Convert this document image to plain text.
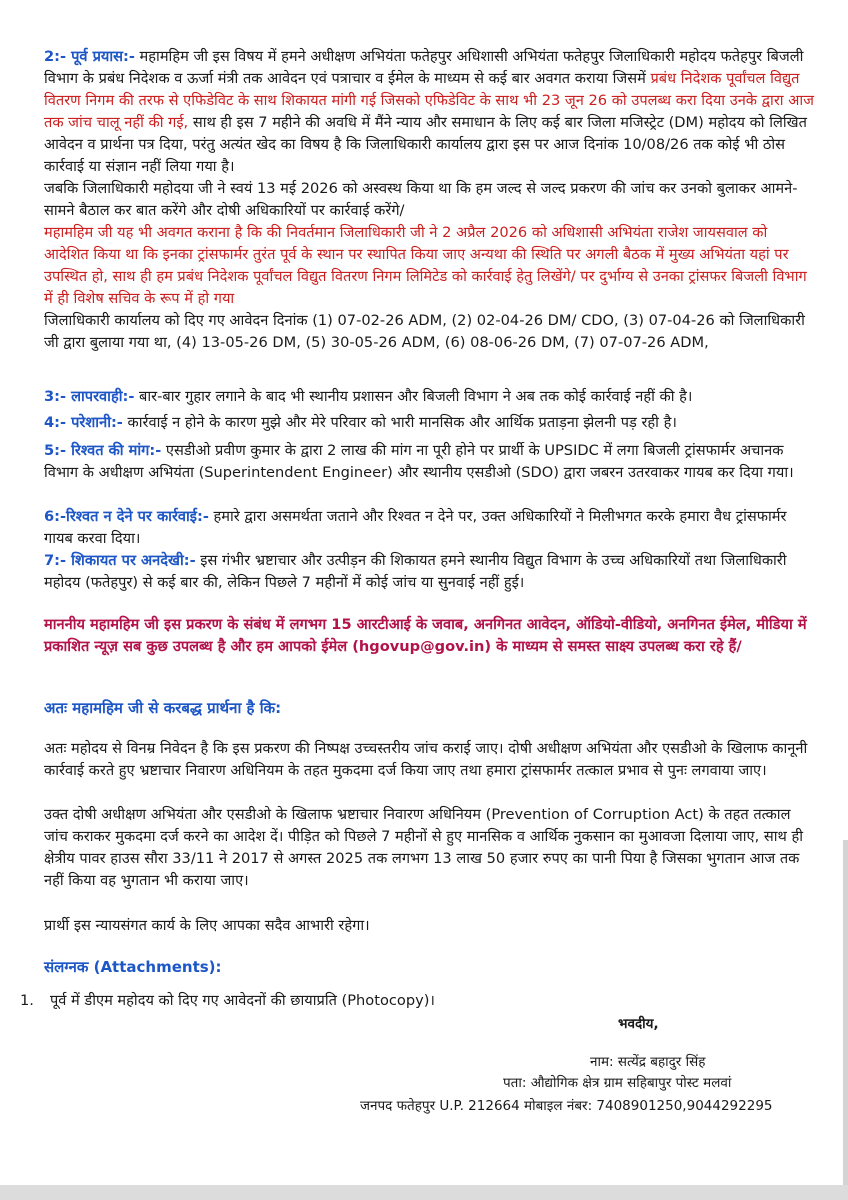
2:- पूर्व प्रयास:- महामहिम जी इस विषय में हमने अधीक्षण अभियंता फतेहपुर अधिशासी अभियंता फतेहपुर जिलाधिकारी महोदय फतेहपुर बिजली विभाग के प्रबंध निदेशक व ऊर्जा मंत्री तक आवेदन एवं पत्राचार व ईमेल के माध्यम से कई बार अवगत कराया जिसमें प्रबंध निदेशक पूर्वांचल विद्युत वितरण निगम की तरफ से एफिडेविट के साथ शिकायत मांगी गई जिसको एफिडेविट के साथ भी 23 जून 26 को उपलब्ध करा दिया उनके द्वारा आज तक जांच चालू नहीं की गई, साथ ही इस 7 महीने की अवधि में मैंने न्याय और समाधान के लिए कई बार जिला मजिस्ट्रेट (DM) महोदय को लिखित आवेदन व प्रार्थना पत्र दिया, परंतु अत्यंत खेद का विषय है कि जिलाधिकारी कार्यालय द्वारा इस पर आज दिनांक 10/08/26 तक कोई भी ठोस कार्रवाई या संज्ञान नहीं लिया गया है।
जबकि जिलाधिकारी महोदया जी ने स्वयं 13 मई 2026 को अस्वस्थ किया था कि हम जल्द से जल्द प्रकरण की जांच कर उनको बुलाकर आमने-सामने बैठाल कर बात करेंगे और दोषी अधिकारियों पर कार्रवाई करेंगे/
महामहिम जी यह भी अवगत कराना है कि की निवर्तमान जिलाधिकारी जी ने 2 अप्रैल 2026 को अधिशासी अभियंता राजेश जायसवाल को आदेशित किया था कि इनका ट्रांसफार्मर तुरंत पूर्व के स्थान पर स्थापित किया जाए अन्यथा की स्थिति पर अगली बैठक में मुख्य अभियंता यहां पर उपस्थित हो, साथ ही हम प्रबंध निदेशक पूर्वांचल विद्युत वितरण निगम लिमिटेड को कार्रवाई हेतु लिखेंगे/ पर दुर्भाग्य से उनका ट्रांसफर बिजली विभाग में ही विशेष सचिव के रूप में हो गया
जिलाधिकारी कार्यालय को दिए गए आवेदन दिनांक (1) 07-02-26 ADM, (2) 02-04-26 DM/ CDO, (3) 07-04-26 को जिलाधिकारी जी द्वारा बुलाया गया था, (4) 13-05-26 DM, (5) 30-05-26 ADM, (6) 08-06-26 DM, (7) 07-07-26 ADM,

3:- लापरवाही:- बार-बार गुहार लगाने के बाद भी स्थानीय प्रशासन और बिजली विभाग ने अब तक कोई कार्रवाई नहीं की है।

4:- परेशानी:- कार्रवाई न होने के कारण मुझे और मेरे परिवार को भारी मानसिक और आर्थिक प्रताड़ना झेलनी पड़ रही है।

5:- रिश्वत की मांग:- एसडीओ प्रवीण कुमार के द्वारा 2 लाख की मांग ना पूरी होने पर प्रार्थी के UPSIDC में लगा बिजली ट्रांसफार्मर अचानक विभाग के अधीक्षण अभियंता (Superintendent Engineer) और स्थानीय एसडीओ (SDO) द्वारा जबरन उतरवाकर गायब कर दिया गया।

6:-रिश्वत न देने पर कार्रवाई:- हमारे द्वारा असमर्थता जताने और रिश्वत न देने पर, उक्त अधिकारियों ने मिलीभगत करके हमारा वैध ट्रांसफार्मर गायब करवा दिया।

7:- शिकायत पर अनदेखी:- इस गंभीर भ्रष्टाचार और उत्पीड़न की शिकायत हमने स्थानीय विद्युत विभाग के उच्च अधिकारियों तथा जिलाधिकारी महोदय (फतेहपुर) से कई बार की, लेकिन पिछले 7 महीनों में कोई जांच या सुनवाई नहीं हुई।

माननीय महामहिम जी इस प्रकरण के संबंध में लगभग 15 आरटीआई के जवाब, अनगिनत आवेदन, ऑडियो-वीडियो, अनगिनत ईमेल, मीडिया में प्रकाशित न्यूज़ सब कुछ उपलब्ध है और हम आपको ईमेल (hgovup@gov.in) के माध्यम से समस्त साक्ष्य उपलब्ध करा रहे हैं/

अतः महामहिम जी से करबद्ध प्रार्थना है कि:

अतः महोदय से विनम्र निवेदन है कि इस प्रकरण की निष्पक्ष उच्चस्तरीय जांच कराई जाए। दोषी अधीक्षण अभियंता और एसडीओ के खिलाफ कानूनी कार्रवाई करते हुए भ्रष्टाचार निवारण अधिनियम के तहत मुकदमा दर्ज किया जाए तथा हमारा ट्रांसफार्मर तत्काल प्रभाव से पुनः लगवाया जाए।

उक्त दोषी अधीक्षण अभियंता और एसडीओ के खिलाफ भ्रष्टाचार निवारण अधिनियम (Prevention of Corruption Act) के तहत तत्काल जांच कराकर मुकदमा दर्ज करने का आदेश दें। पीड़ित को पिछले 7 महीनों से हुए मानसिक व आर्थिक नुकसान का मुआवजा दिलाया जाए, साथ ही क्षेत्रीय पावर हाउस सौरा 33/11 ने 2017 से अगस्त 2025 तक लगभग 13 लाख 50 हजार रुपए का पानी पिया है जिसका भुगतान आज तक नहीं किया वह भुगतान भी कराया जाए।

प्रार्थी इस न्यायसंगत कार्य के लिए आपका सदैव आभारी रहेगा।

संलग्नक (Attachments):

1. पूर्व में डीएम महोदय को दिए गए आवेदनों की छायाप्रति (Photocopy)।
भवदीय,
नाम: सत्येंद्र बहादुर सिंह
पता: औद्योगिक क्षेत्र ग्राम सहिबापुर पोस्ट मलवां
जनपद फतेहपुर U.P. 212664 मोबाइल नंबर: 7408901250,9044292295
